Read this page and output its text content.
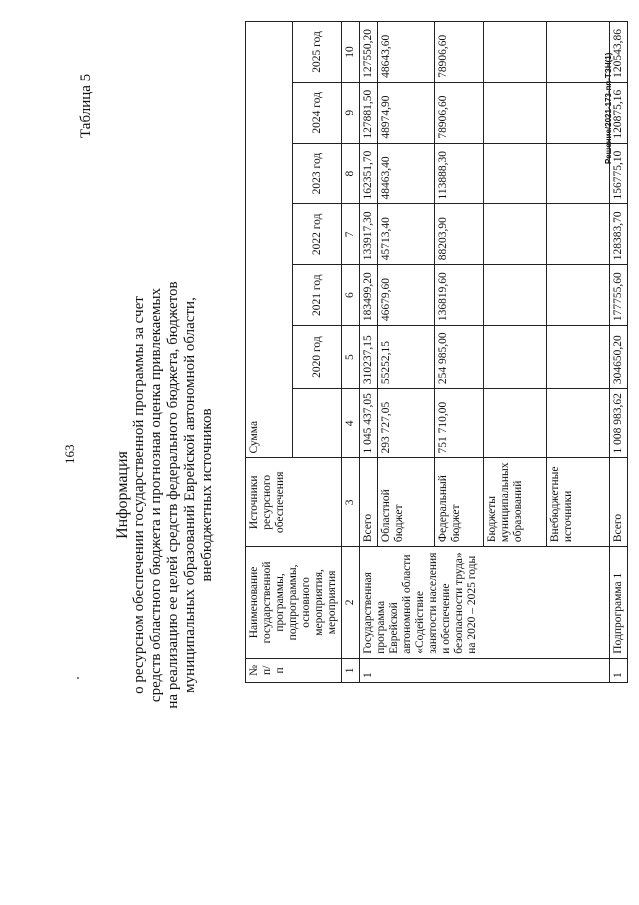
163
Таблица 5	Решение/2021-173-пп-ТЗН(1)
Информация о ресурсном обеспечении государственной программы за счет средств областного бюджета и прогнозная оценка привлекаемых на реализацию ее целей средств федерального бюджета, бюджетов муниципальных образований Еврейской автономной области, внебюджетных источников
№ п/п	Наименование государственной программы, подпрограммы, основного мероприятия, мероприятия	Источники ресурсного обеспечения	Сумма						
				2020 год	2021 год	2022 год	2023 год	2024 год	2025 год
1	2	3	4	5	6	7	8	9	10
1	Государственная программа Еврейской автономной области «Содействие занятости населения и обеспечение безопасности труда» на 2020 – 2025 годы	Всего	1 045 437,05	310237,15	183499,20	133917,30	162351,70	127881,50	127550,20
		Областной бюджет	293 727,05	55252,15	46679,60	45713,40	48463,40	48974,90	48643,60
		Федеральный бюджет	751 710,00	254 985,00	136819,60	88203,90	113888,30	78906,60	78906,60
		Бюджеты муниципальных образований							
		Внебюджетные источники							
1	Подпрограмма 1	Всего	1 008 983,62	304650,20	177755,60	128383,70	156775,10	120875,16	120543,86
